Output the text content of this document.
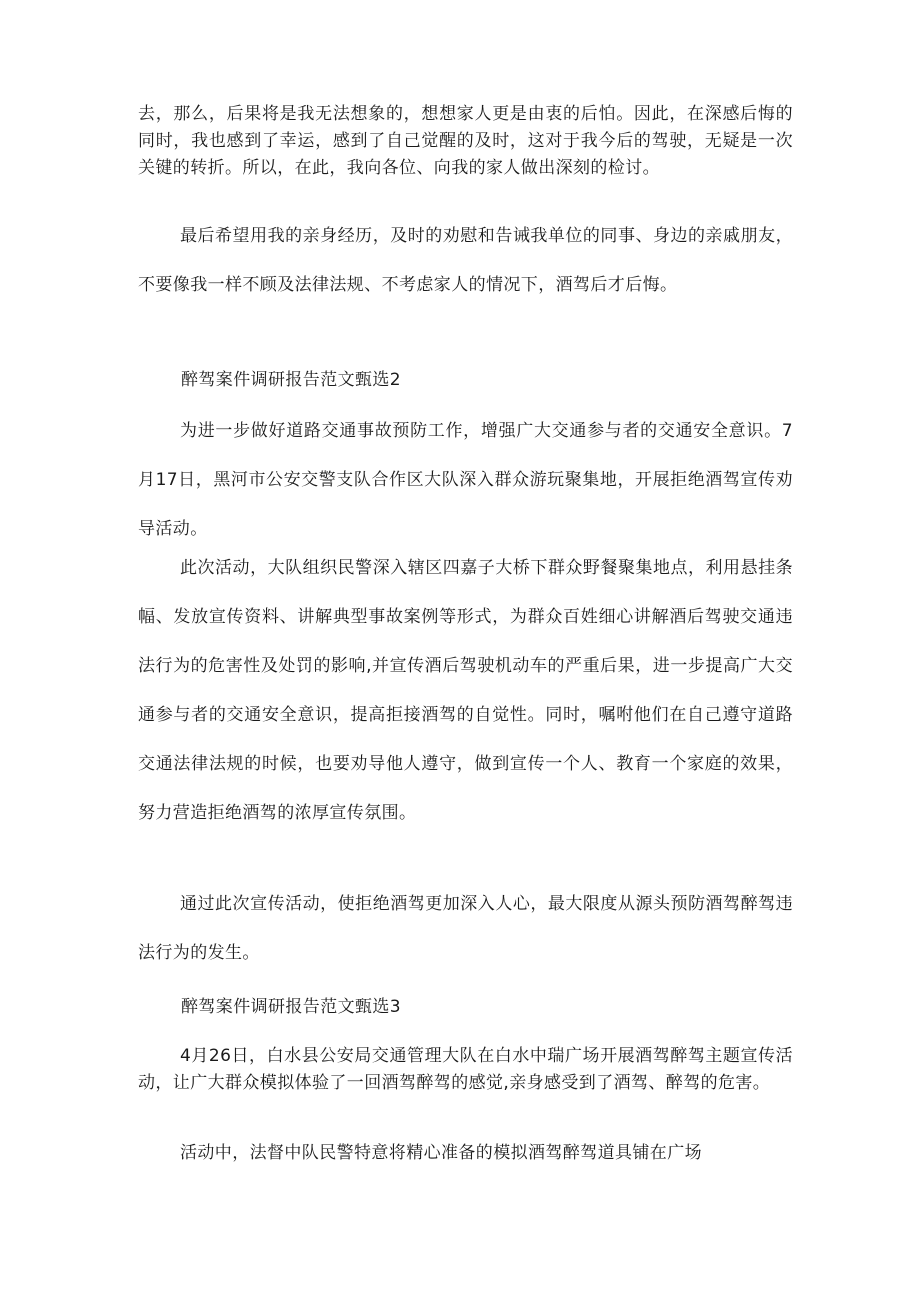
去，那么，后果将是我无法想象的，想想家人更是由衷的后怕。因此，在深感后悔的同时，我也感到了幸运，感到了自己觉醒的及时，这对于我今后的驾驶，无疑是一次关键的转折。所以，在此，我向各位、向我的家人做出深刻的检讨。

最后希望用我的亲身经历，及时的劝慰和告诫我单位的同事、身边的亲戚朋友，不要像我一样不顾及法律法规、不考虑家人的情况下，酒驾后才后悔。

醉驾案件调研报告范文甄选2

为进一步做好道路交通事故预防工作，增强广大交通参与者的交通安全意识。7月17日，黑河市公安交警支队合作区大队深入群众游玩聚集地，开展拒绝酒驾宣传劝导活动。

此次活动，大队组织民警深入辖区四嘉子大桥下群众野餐聚集地点，利用悬挂条幅、发放宣传资料、讲解典型事故案例等形式，为群众百姓细心讲解酒后驾驶交通违法行为的危害性及处罚的影响,并宣传酒后驾驶机动车的严重后果，进一步提高广大交通参与者的交通安全意识，提高拒接酒驾的自觉性。同时，嘱咐他们在自己遵守道路交通法律法规的时候，也要劝导他人遵守，做到宣传一个人、教育一个家庭的效果，努力营造拒绝酒驾的浓厚宣传氛围。

通过此次宣传活动，使拒绝酒驾更加深入人心，最大限度从源头预防酒驾醉驾违法行为的发生。

醉驾案件调研报告范文甄选3

4月26日，白水县公安局交通管理大队在白水中瑞广场开展酒驾醉驾主题宣传活动，让广大群众模拟体验了一回酒驾醉驾的感觉,亲身感受到了酒驾、醉驾的危害。

活动中，法督中队民警特意将精心准备的模拟酒驾醉驾道具铺在广场
